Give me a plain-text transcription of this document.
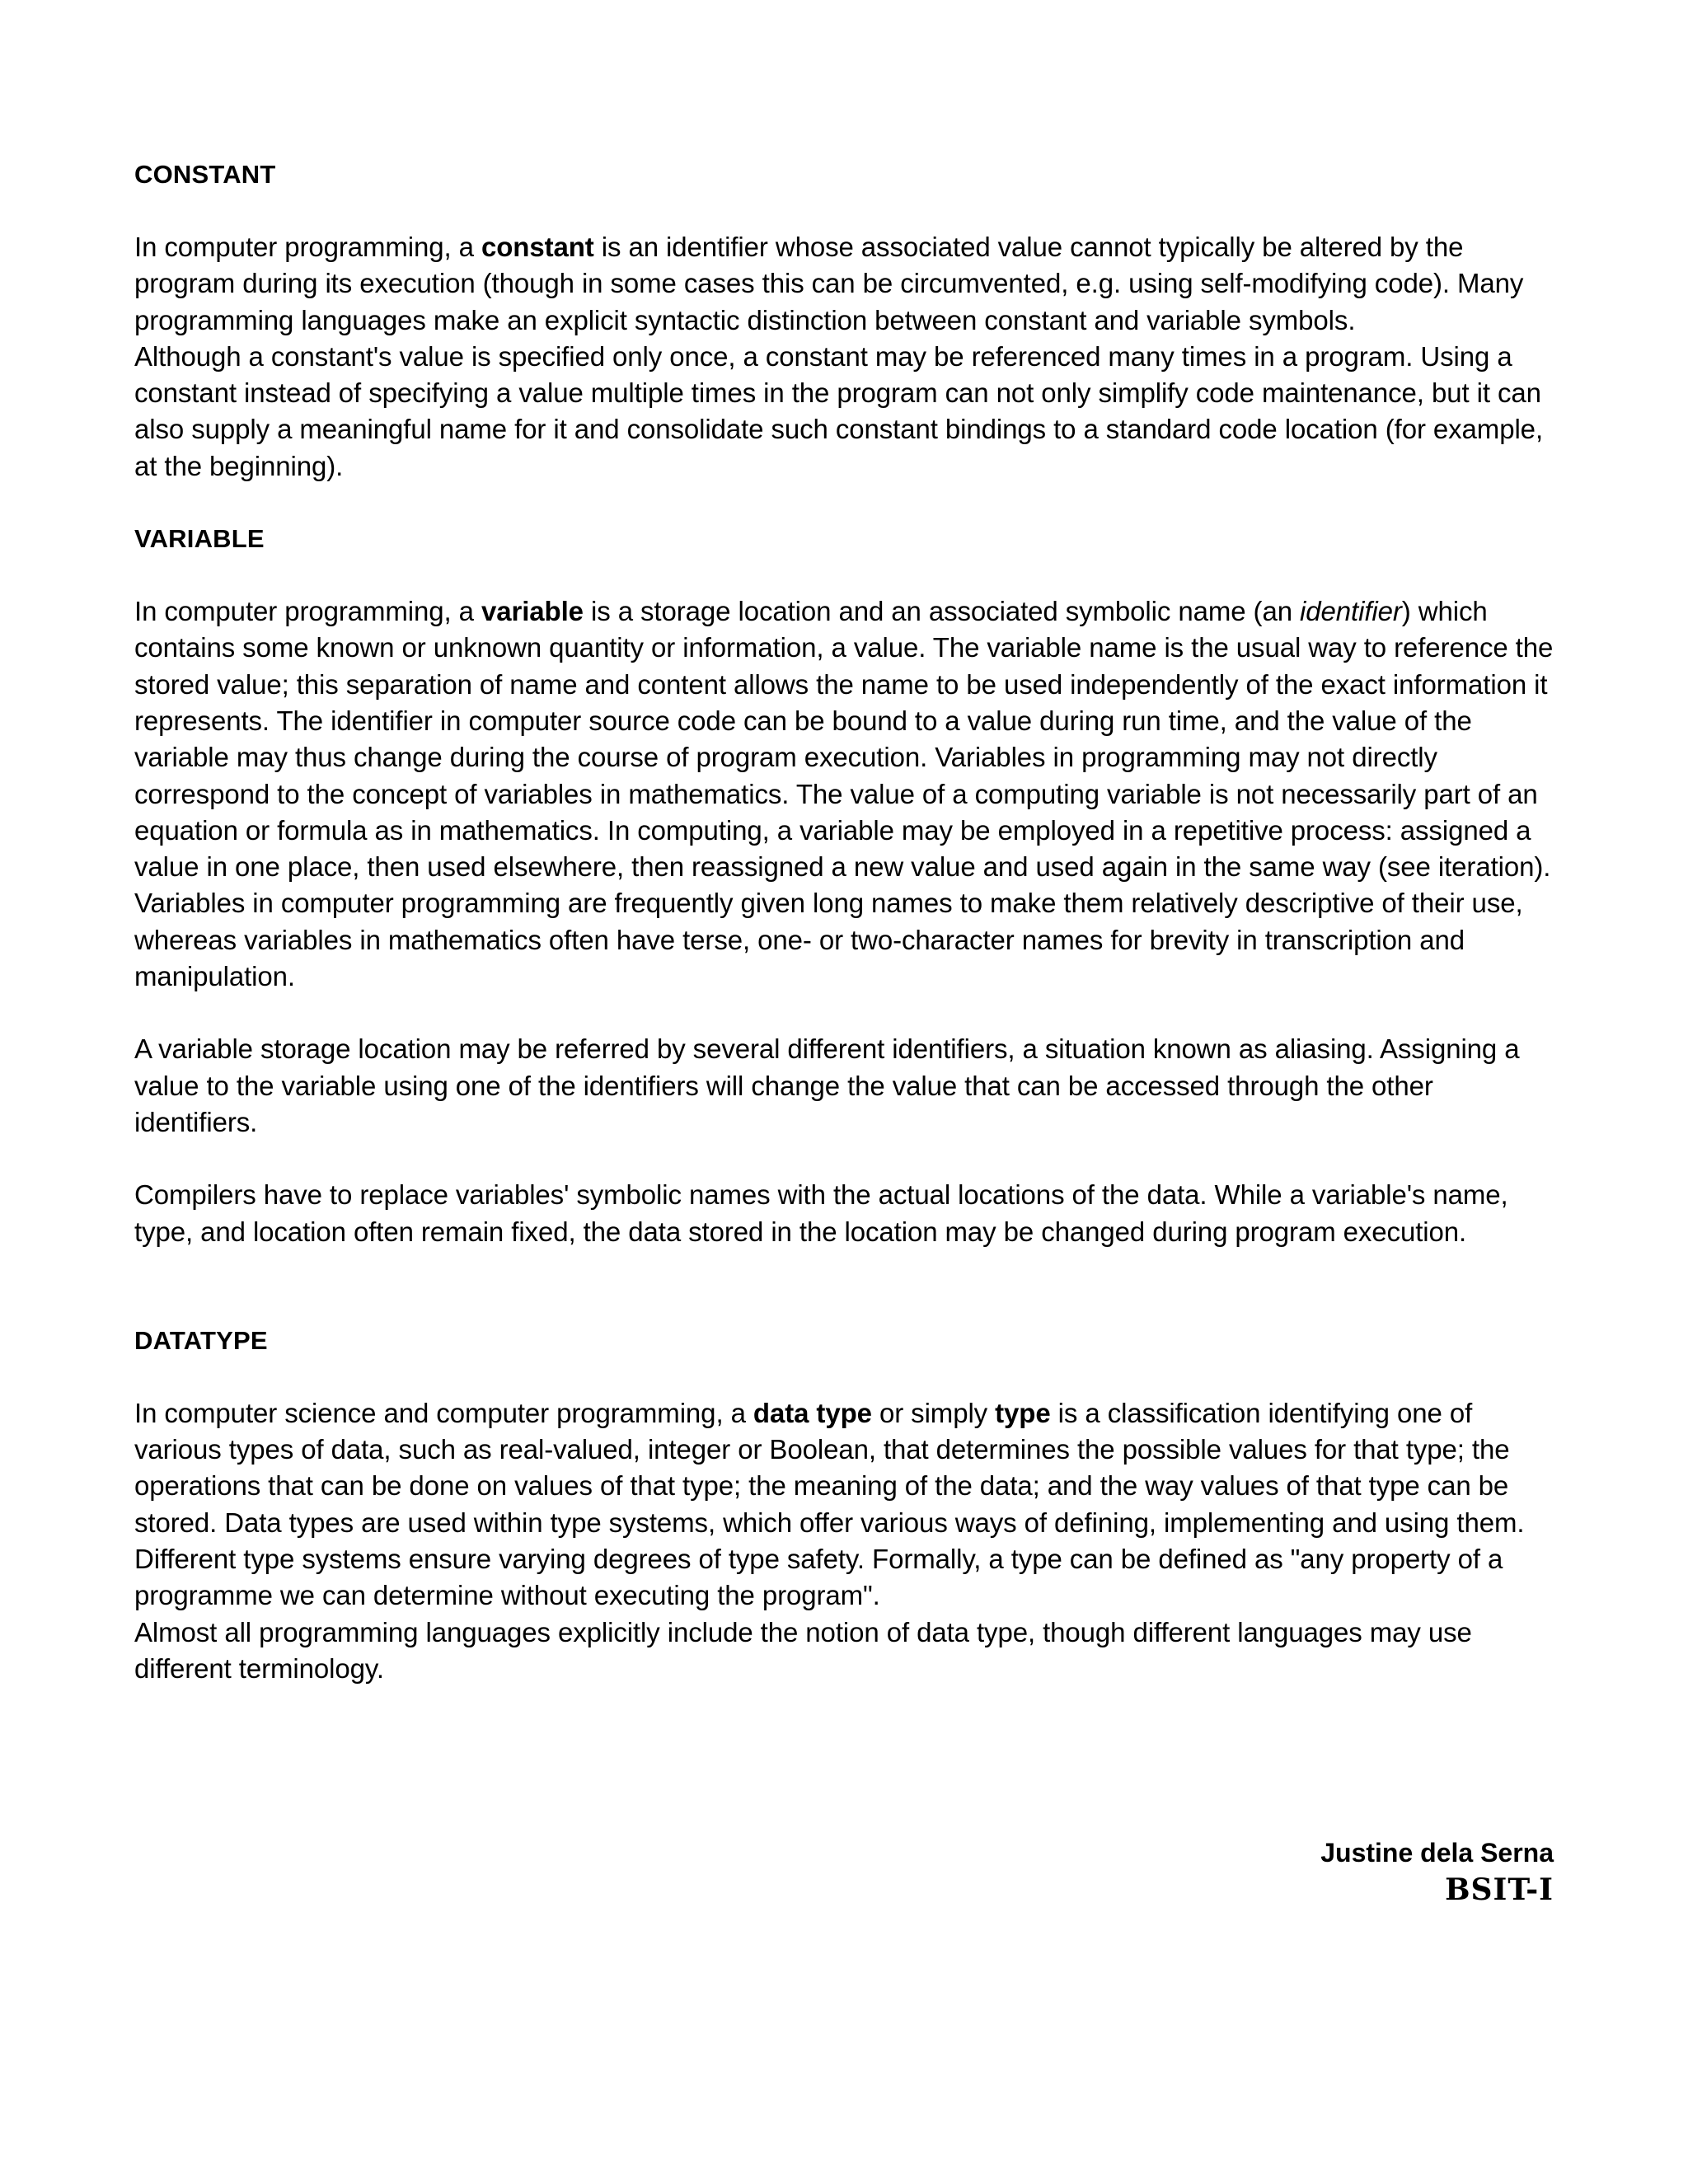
CONSTANT

In computer programming, a constant is an identifier whose associated value cannot typically be altered by the program during its execution (though in some cases this can be circumvented, e.g. using self-modifying code). Many programming languages make an explicit syntactic distinction between constant and variable symbols.

Although a constant's value is specified only once, a constant may be referenced many times in a program. Using a constant instead of specifying a value multiple times in the program can not only simplify code maintenance, but it can also supply a meaningful name for it and consolidate such constant bindings to a standard code location (for example, at the beginning).

VARIABLE

In computer programming, a variable is a storage location and an associated symbolic name (an identifier) which contains some known or unknown quantity or information, a value. The variable name is the usual way to reference the stored value; this separation of name and content allows the name to be used independently of the exact information it represents. The identifier in computer source code can be bound to a value during run time, and the value of the variable may thus change during the course of program execution. Variables in programming may not directly correspond to the concept of variables in mathematics. The value of a computing variable is not necessarily part of an equation or formula as in mathematics. In computing, a variable may be employed in a repetitive process: assigned a value in one place, then used elsewhere, then reassigned a new value and used again in the same way (see iteration). Variables in computer programming are frequently given long names to make them relatively descriptive of their use, whereas variables in mathematics often have terse, one- or two-character names for brevity in transcription and manipulation.

A variable storage location may be referred by several different identifiers, a situation known as aliasing. Assigning a value to the variable using one of the identifiers will change the value that can be accessed through the other identifiers.

Compilers have to replace variables' symbolic names with the actual locations of the data. While a variable's name, type, and location often remain fixed, the data stored in the location may be changed during program execution.

DATATYPE

In computer science and computer programming, a data type or simply type is a classification identifying one of various types of data, such as real-valued, integer or Boolean, that determines the possible values for that type; the operations that can be done on values of that type; the meaning of the data; and the way values of that type can be stored. Data types are used within type systems, which offer various ways of defining, implementing and using them. Different type systems ensure varying degrees of type safety. Formally, a type can be defined as "any property of a programme we can determine without executing the program".

Almost all programming languages explicitly include the notion of data type, though different languages may use different terminology.

Justine dela Serna

BSIT-I
